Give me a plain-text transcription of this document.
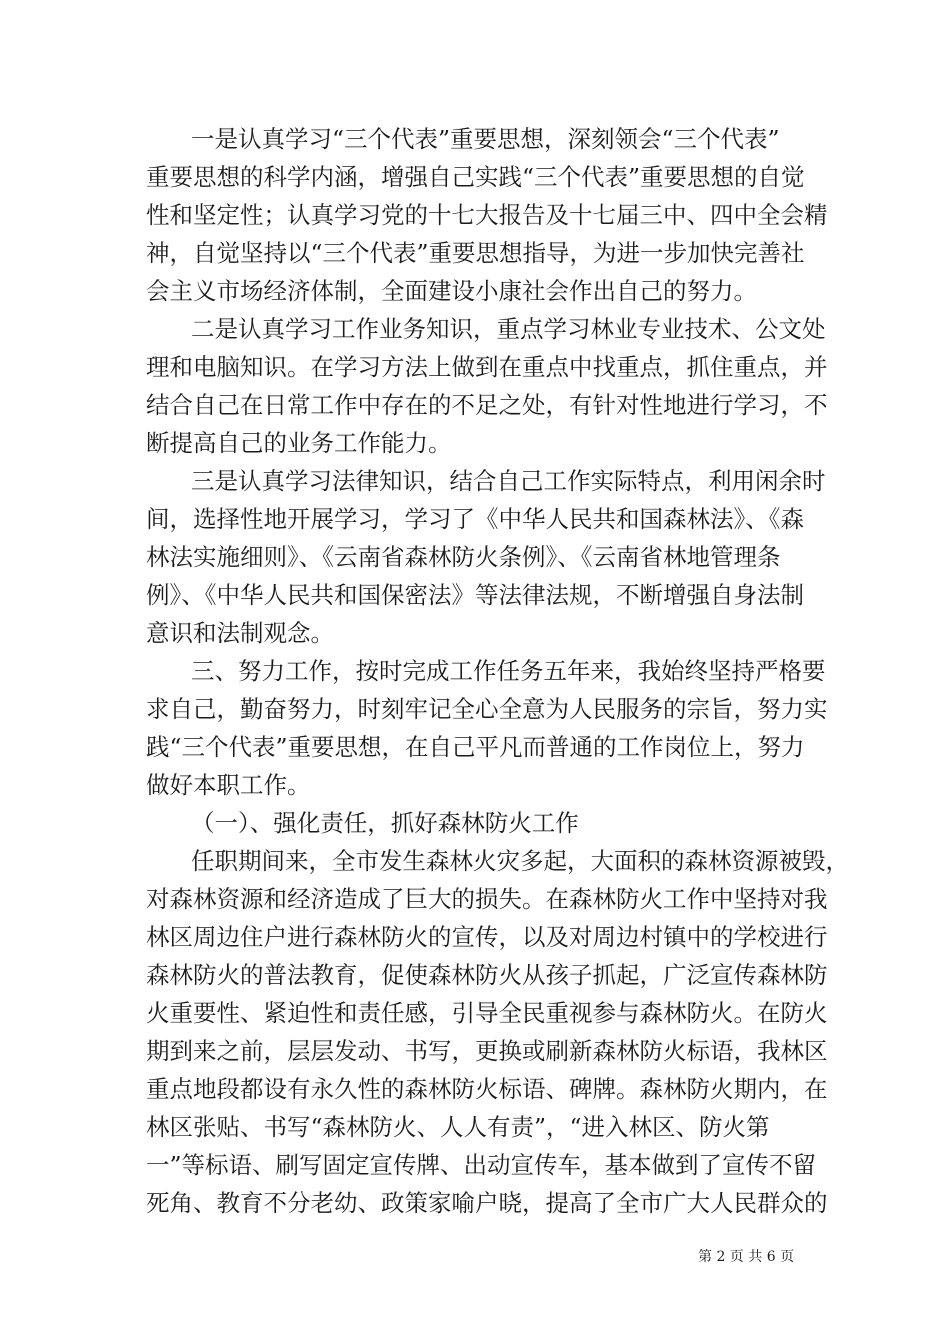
一是认真学习“三个代表”重要思想，深刻领会“三个代表”
重要思想的科学内涵，增强自己实践“三个代表”重要思想的自觉
性和坚定性；认真学习党的十七大报告及十七届三中、四中全会精
神，自觉坚持以“三个代表”重要思想指导，为进一步加快完善社
会主义市场经济体制，全面建设小康社会作出自己的努力。
二是认真学习工作业务知识，重点学习林业专业技术、公文处
理和电脑知识。在学习方法上做到在重点中找重点，抓住重点，并
结合自己在日常工作中存在的不足之处，有针对性地进行学习，不
断提高自己的业务工作能力。
三是认真学习法律知识，结合自己工作实际特点，利用闲余时
间，选择性地开展学习，学习了《中华人民共和国森林法》、《森
林法实施细则》、《云南省森林防火条例》、《云南省林地管理条
例》、《中华人民共和国保密法》等法律法规，不断增强自身法制
意识和法制观念。
三、努力工作，按时完成工作任务五年来，我始终坚持严格要
求自己，勤奋努力，时刻牢记全心全意为人民服务的宗旨，努力实
践“三个代表”重要思想，在自己平凡而普通的工作岗位上，努力
做好本职工作。
（一）、强化责任，抓好森林防火工作
任职期间来，全市发生森林火灾多起，大面积的森林资源被毁，
对森林资源和经济造成了巨大的损失。在森林防火工作中坚持对我
林区周边住户进行森林防火的宣传，以及对周边村镇中的学校进行
森林防火的普法教育，促使森林防火从孩子抓起，广泛宣传森林防
火重要性、紧迫性和责任感，引导全民重视参与森林防火。在防火
期到来之前，层层发动、书写，更换或刷新森林防火标语，我林区
重点地段都设有永久性的森林防火标语、碑牌。森林防火期内，在
林区张贴、书写“森林防火、人人有责”，“进入林区、防火第
一”等标语、刷写固定宣传牌、出动宣传车，基本做到了宣传不留
死角、教育不分老幼、政策家喻户晓，提高了全市广大人民群众的
第 2 页 共 6 页
